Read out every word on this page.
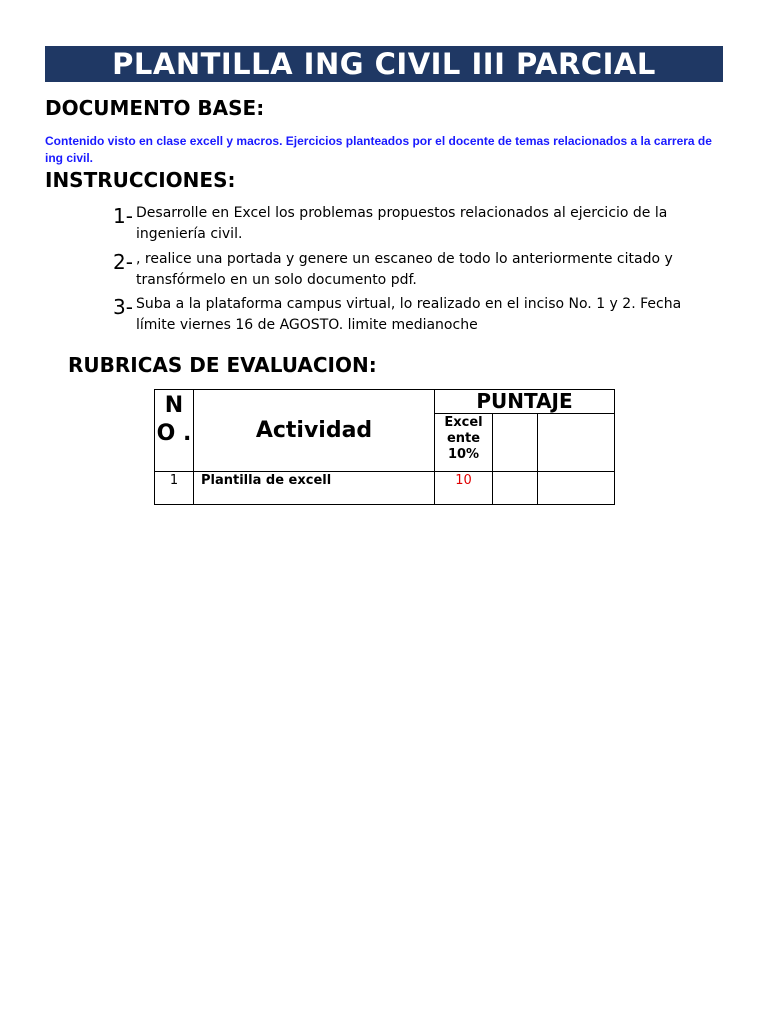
PLANTILLA ING CIVIL III PARCIAL
DOCUMENTO BASE:

Contenido visto en clase excell y macros. Ejercicios planteados por el docente de temas relacionados a la carrera de ing civil.

INSTRUCCIONES:
1- Desarrolle en Excel los problemas propuestos relacionados al ejercicio de la ingeniería civil.
2- , realice una portada y genere un escaneo de todo lo anteriormente citado y transfórmelo en un solo documento pdf.
3- Suba a la plataforma campus virtual, lo realizado en el inciso No. 1 y 2. Fecha límite viernes 16 de AGOSTO. limite medianoche
RUBRICAS DE EVALUACION:
N O .	Actividad	PUNTAJE		
		Excel ente 10%		
1	Plantilla de excell	10		
